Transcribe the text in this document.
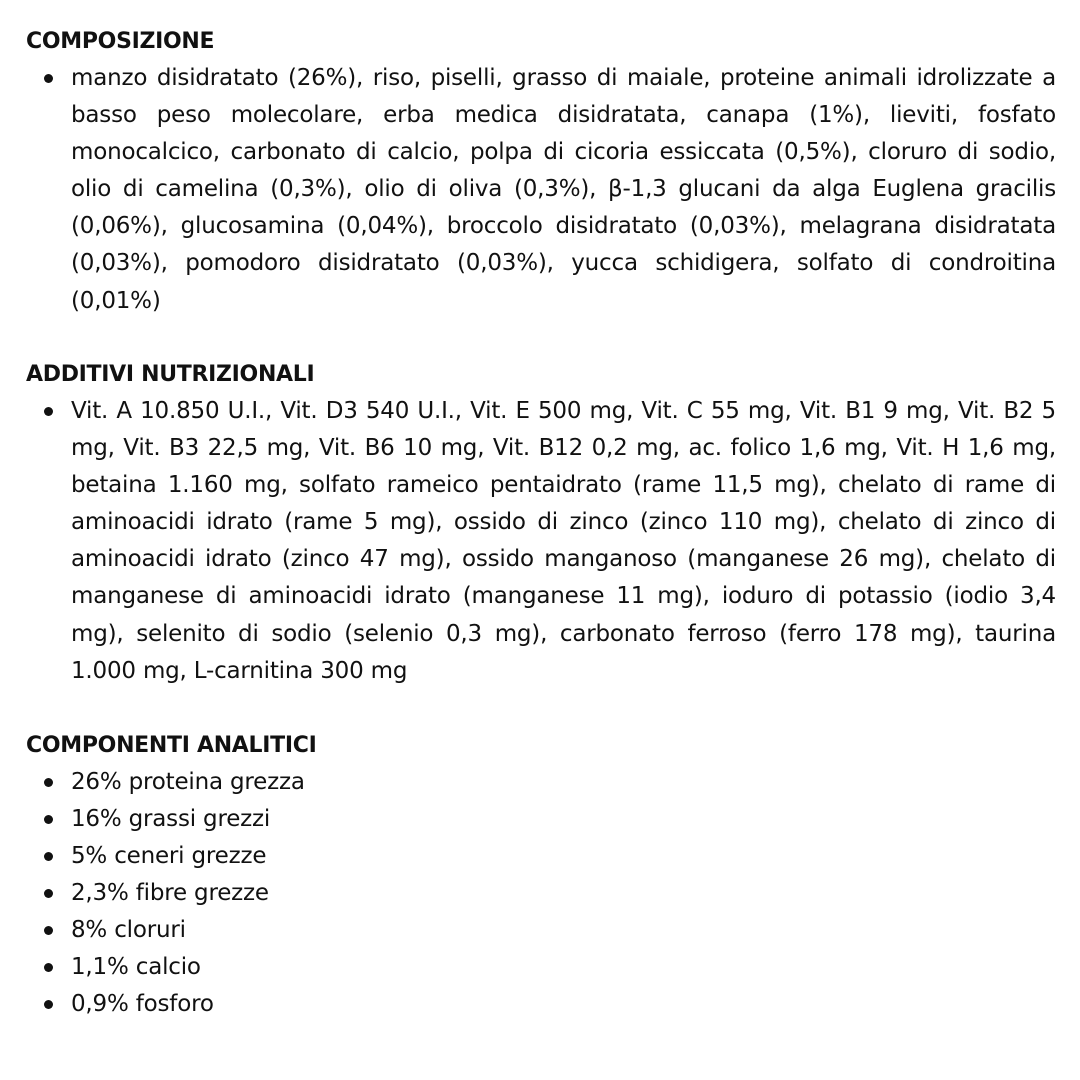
COMPOSIZIONE
manzo disidratato (26%), riso, piselli, grasso di maiale, proteine animali idrolizzate a basso peso molecolare, erba medica disidratata, canapa (1%), lieviti, fosfato monocalcico, carbonato di calcio, polpa di cicoria essiccata (0,5%), cloruro di sodio, olio di camelina (0,3%), olio di oliva (0,3%), β-1,3 glucani da alga Euglena gracilis (0,06%), glucosamina (0,04%), broccolo disidratato (0,03%), melagrana disidratata (0,03%), pomodoro disidratato (0,03%), yucca schidigera, solfato di condroitina (0,01%)
ADDITIVI NUTRIZIONALI
Vit. A 10.850 U.I., Vit. D3 540 U.I., Vit. E 500 mg, Vit. C 55 mg, Vit. B1 9 mg, Vit. B2 5 mg, Vit. B3 22,5 mg, Vit. B6 10 mg, Vit. B12 0,2 mg, ac. folico 1,6 mg, Vit. H 1,6 mg, betaina 1.160 mg, solfato rameico pentaidrato (rame 11,5 mg), chelato di rame di aminoacidi idrato (rame 5 mg), ossido di zinco (zinco 110 mg), chelato di zinco di aminoacidi idrato (zinco 47 mg), ossido manganoso (manganese 26 mg), chelato di manganese di aminoacidi idrato (manganese 11 mg), ioduro di potassio (iodio 3,4 mg), selenito di sodio (selenio 0,3 mg), carbonato ferroso (ferro 178 mg), taurina 1.000 mg, L-carnitina 300 mg
COMPONENTI ANALITICI
26% proteina grezza
16% grassi grezzi
5% ceneri grezze
2,3% fibre grezze
8% cloruri
1,1% calcio
0,9% fosforo
